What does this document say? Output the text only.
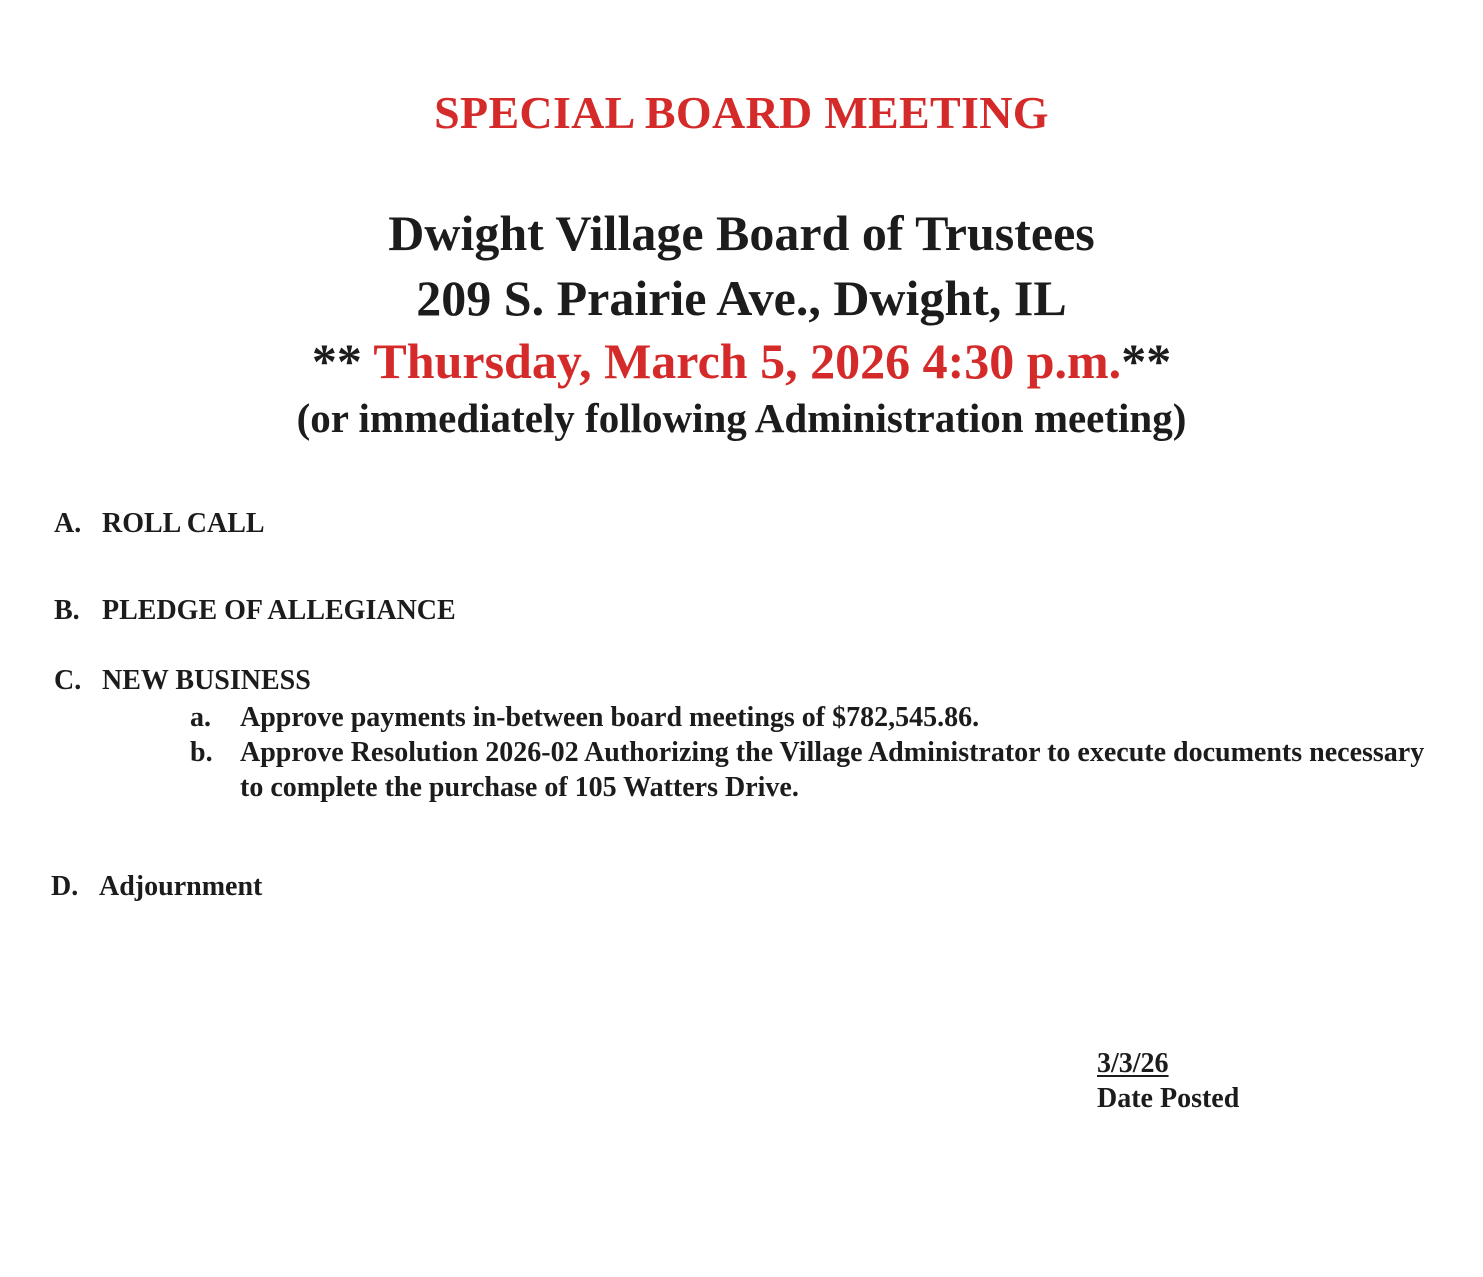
SPECIAL BOARD MEETING
Dwight Village Board of Trustees
209 S. Prairie Ave., Dwight, IL
** Thursday, March 5, 2026 4:30 p.m.**
(or immediately following Administration meeting)
A. ROLL CALL
B. PLEDGE OF ALLEGIANCE
C. NEW BUSINESS
a. Approve payments in-between board meetings of $782,545.86.
b. Approve Resolution 2026-02 Authorizing the Village Administrator to execute documents necessary to complete the purchase of 105 Watters Drive.
D. Adjournment
3/3/26
Date Posted
